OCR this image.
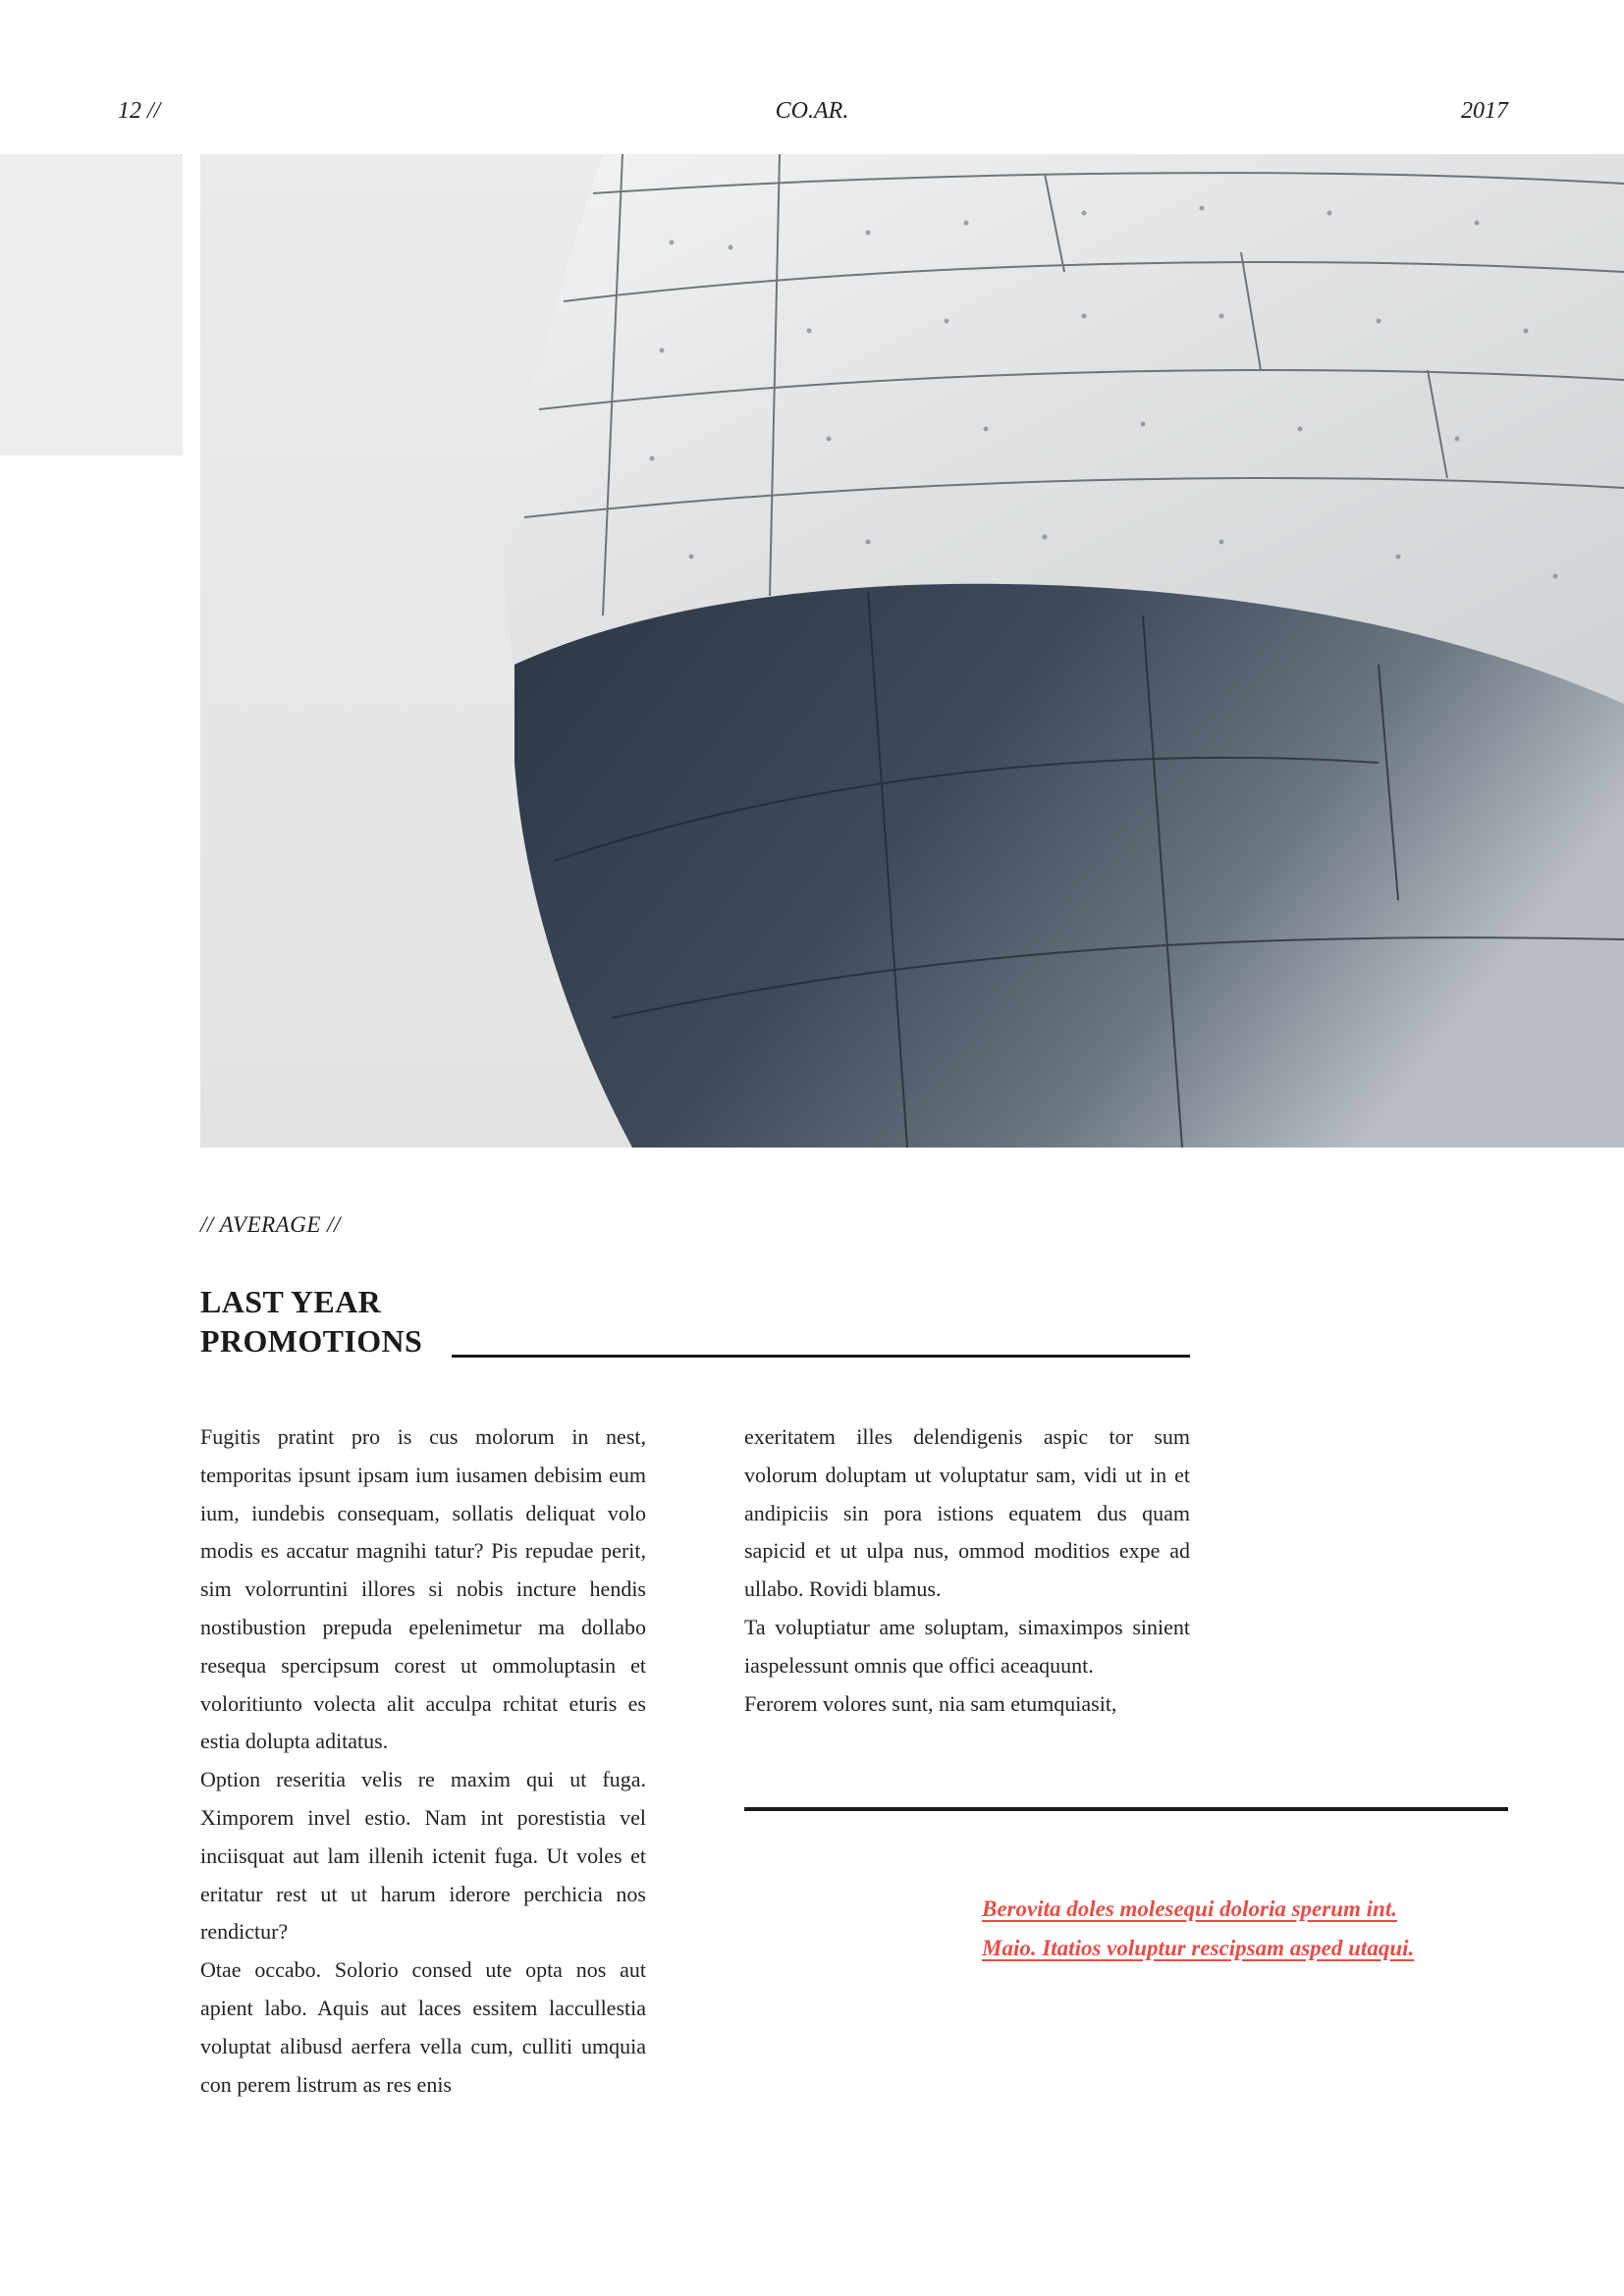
12 //	CO.AR.	2017
// AVERAGE //
LAST YEAR
PROMOTIONS

Fugitis pratint pro is cus molorum in nest, temporitas ipsunt ipsam ium iusamen debisim eum ium, iundebis consequam, sollatis deliquat volo modis es accatur magnihi tatur? Pis repudae perit, sim volorruntini illores si nobis incture hendis nostibustion prepuda epelenimetur ma dollabo resequa spercipsum corest ut ommoluptasin et voloritiunto volecta alit acculpa rchitat eturis es estia dolupta aditatus.

Option reseritia velis re maxim qui ut fuga. Ximporem invel estio. Nam int porestistia vel inciisquat aut lam illenih ictenit fuga. Ut voles et eritatur rest ut ut harum iderore perchicia nos rendictur?

Otae occabo. Solorio consed ute opta nos aut apient labo. Aquis aut laces essitem laccullestia voluptat alibusd aerfera vella cum, culliti umquia con perem listrum as res enis

exeritatem illes delendigenis aspic tor sum volorum doluptam ut voluptatur sam, vidi ut in et andipiciis sin pora istions equatem dus quam sapicid et ut ulpa nus, ommod moditios expe ad ullabo. Rovidi blamus.

Ta voluptiatur ame soluptam, simaximpos sinient iaspelessunt omnis que offici aceaquunt.

Ferorem volores sunt, nia sam etumquiasit,

Berovita doles molesequi doloria sperum int.
Maio. Itatios voluptur rescipsam asped utaqui.
